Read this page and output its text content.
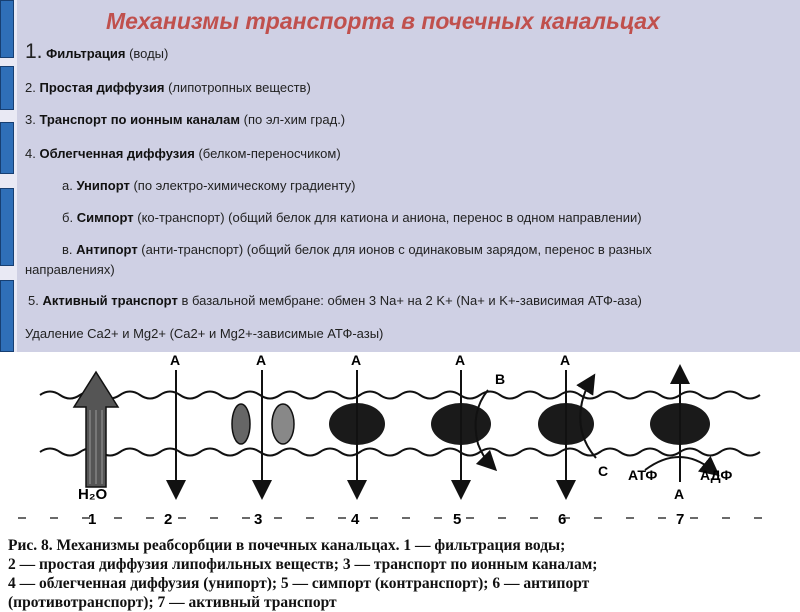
Механизмы транспорта в почечных канальцах
1. Фильтрация (воды)
2. Простая диффузия (липотропных веществ)
3. Транспорт по ионным каналам (по эл-хим град.)
4. Облегченная диффузия (белком-переносчиком)
а. Унипорт (по электро-химическому градиенту)
б. Симпорт (ко-транспорт) (общий белок для катиона и аниона, перенос в одном направлении)
в. Антипорт (анти-транспорт) (общий белок для ионов с одинаковым зарядом, перенос в разных
направлениях)
5. Активный транспорт в базальной мембране: обмен 3 Na+ на 2 K+ (Na+ и K+-зависимая АТФ-аза)
Удаление Ca2+ и Mg2+ (Ca2+ и Mg2+-зависимые АТФ-азы)
H₂O
A	A	A	A
B
A
C АТФ	АДФ
A
1	2	3	4	5	6	7
Рис. 8. Механизмы реабсорбции в почечных канальцах. 1 — фильтрация воды;
2 — простая диффузия липофильных веществ; 3 — транспорт по ионным каналам;
4 — облегченная диффузия (унипорт); 5 — симпорт (контранспорт); 6 — антипорт
(противотранспорт); 7 — активный транспорт
